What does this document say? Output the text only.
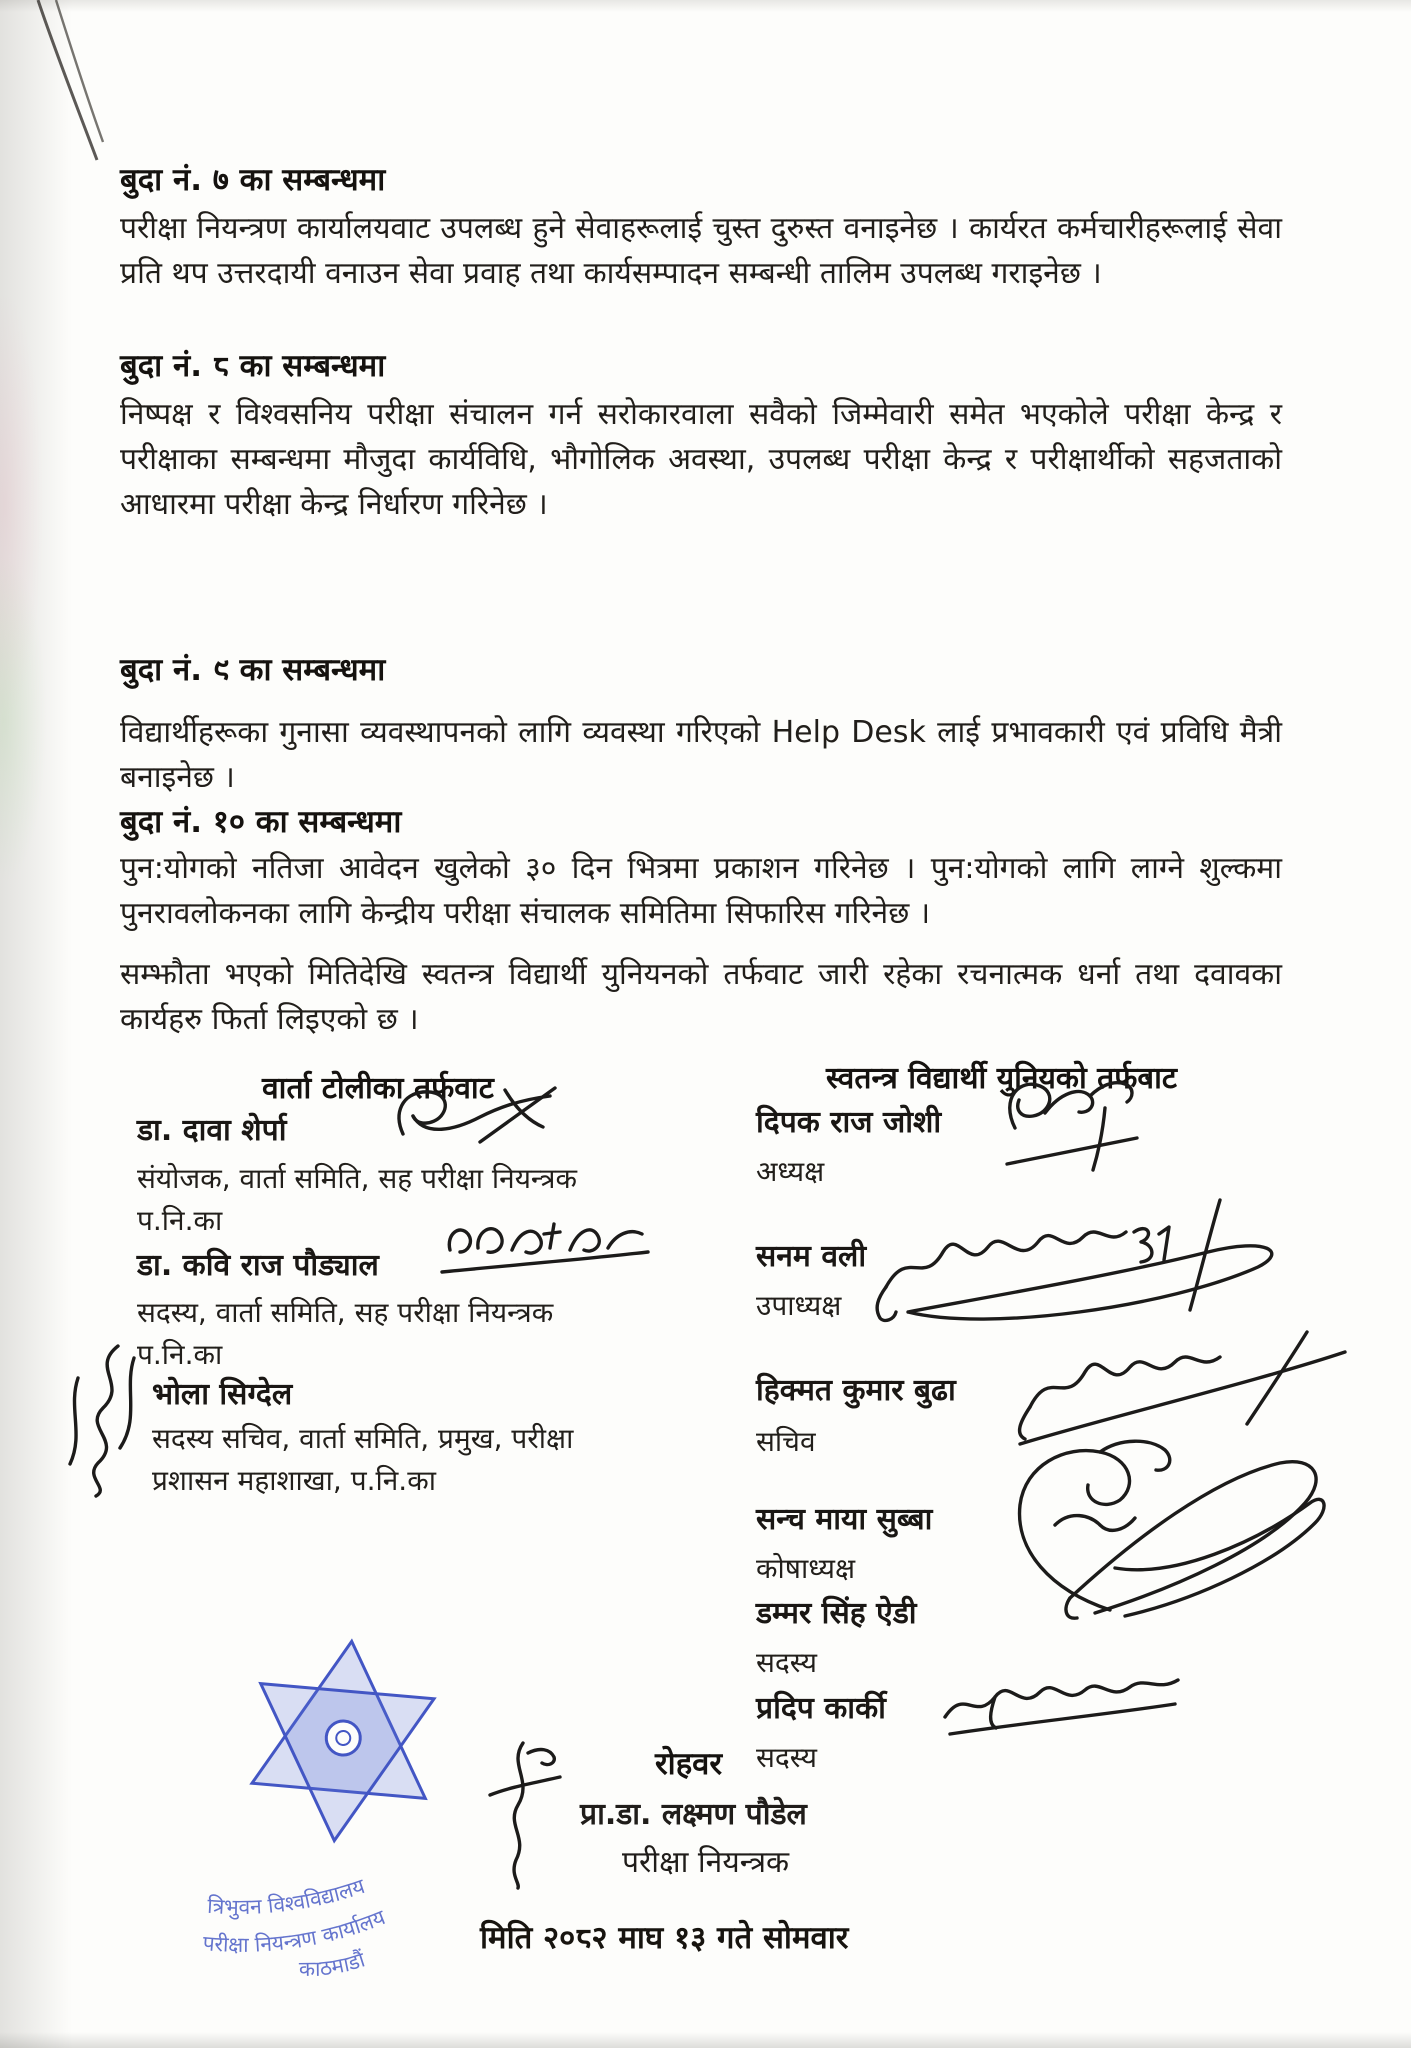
बुदा नं. ७ का सम्बन्धमा
परीक्षा नियन्त्रण कार्यालयवाट उपलब्ध हुने सेवाहरूलाई चुस्त दुरुस्त वनाइनेछ । कार्यरत कर्मचारीहरूलाई सेवा प्रति थप उत्तरदायी वनाउन सेवा प्रवाह तथा कार्यसम्पादन सम्बन्धी तालिम उपलब्ध गराइनेछ ।
बुदा नं. ८ का सम्बन्धमा
निष्पक्ष र विश्वसनिय परीक्षा संचालन गर्न सरोकारवाला सवैको जिम्मेवारी समेत भएकोले परीक्षा केन्द्र र परीक्षाका सम्बन्धमा मौजुदा कार्यविधि, भौगोलिक अवस्था, उपलब्ध परीक्षा केन्द्र र परीक्षार्थीको सहजताको आधारमा परीक्षा केन्द्र निर्धारण गरिनेछ ।
बुदा नं. ९ का सम्बन्धमा
विद्यार्थीहरूका गुनासा व्यवस्थापनको लागि व्यवस्था गरिएको Help Desk लाई प्रभावकारी एवं प्रविधि मैत्री बनाइनेछ ।
बुदा नं. १० का सम्बन्धमा
पुन:योगको नतिजा आवेदन खुलेको ३० दिन भित्रमा प्रकाशन गरिनेछ । पुन:योगको लागि लाग्ने शुल्कमा पुनरावलोकनका लागि केन्द्रीय परीक्षा संचालक समितिमा सिफारिस गरिनेछ ।
सम्झौता भएको मितिदेखि स्वतन्त्र विद्यार्थी युनियनको तर्फवाट जारी रहेका रचनात्मक धर्ना तथा दवावका कार्यहरु फिर्ता लिइएको छ ।
वार्ता टोलीका तर्फवाट
डा. दावा शेर्पा
संयोजक, वार्ता समिति, सह परीक्षा नियन्त्रक
प.नि.का
डा. कवि राज पौड्याल
सदस्य, वार्ता समिति, सह परीक्षा नियन्त्रक
प.नि.का
भोला सिग्देल
सदस्य सचिव, वार्ता समिति, प्रमुख, परीक्षा
प्रशासन महाशाखा, प.नि.का
स्वतन्त्र विद्यार्थी युनियको तर्फवाट
दिपक राज जोशी
अध्यक्ष
सनम वली
उपाध्यक्ष
हिक्मत कुमार बुढा
सचिव
सन्च माया सुब्बा
कोषाध्यक्ष
डम्मर सिंह ऐडी
सदस्य
प्रदिप कार्की
सदस्य
त्रिभुवन विश्वविद्यालय
परीक्षा नियन्त्रण कार्यालय
काठमाडौं
रोहवर
प्रा.डा. लक्ष्मण पौडेल
परीक्षा नियन्त्रक
मिति २०८२ माघ १३ गते सोमवार
